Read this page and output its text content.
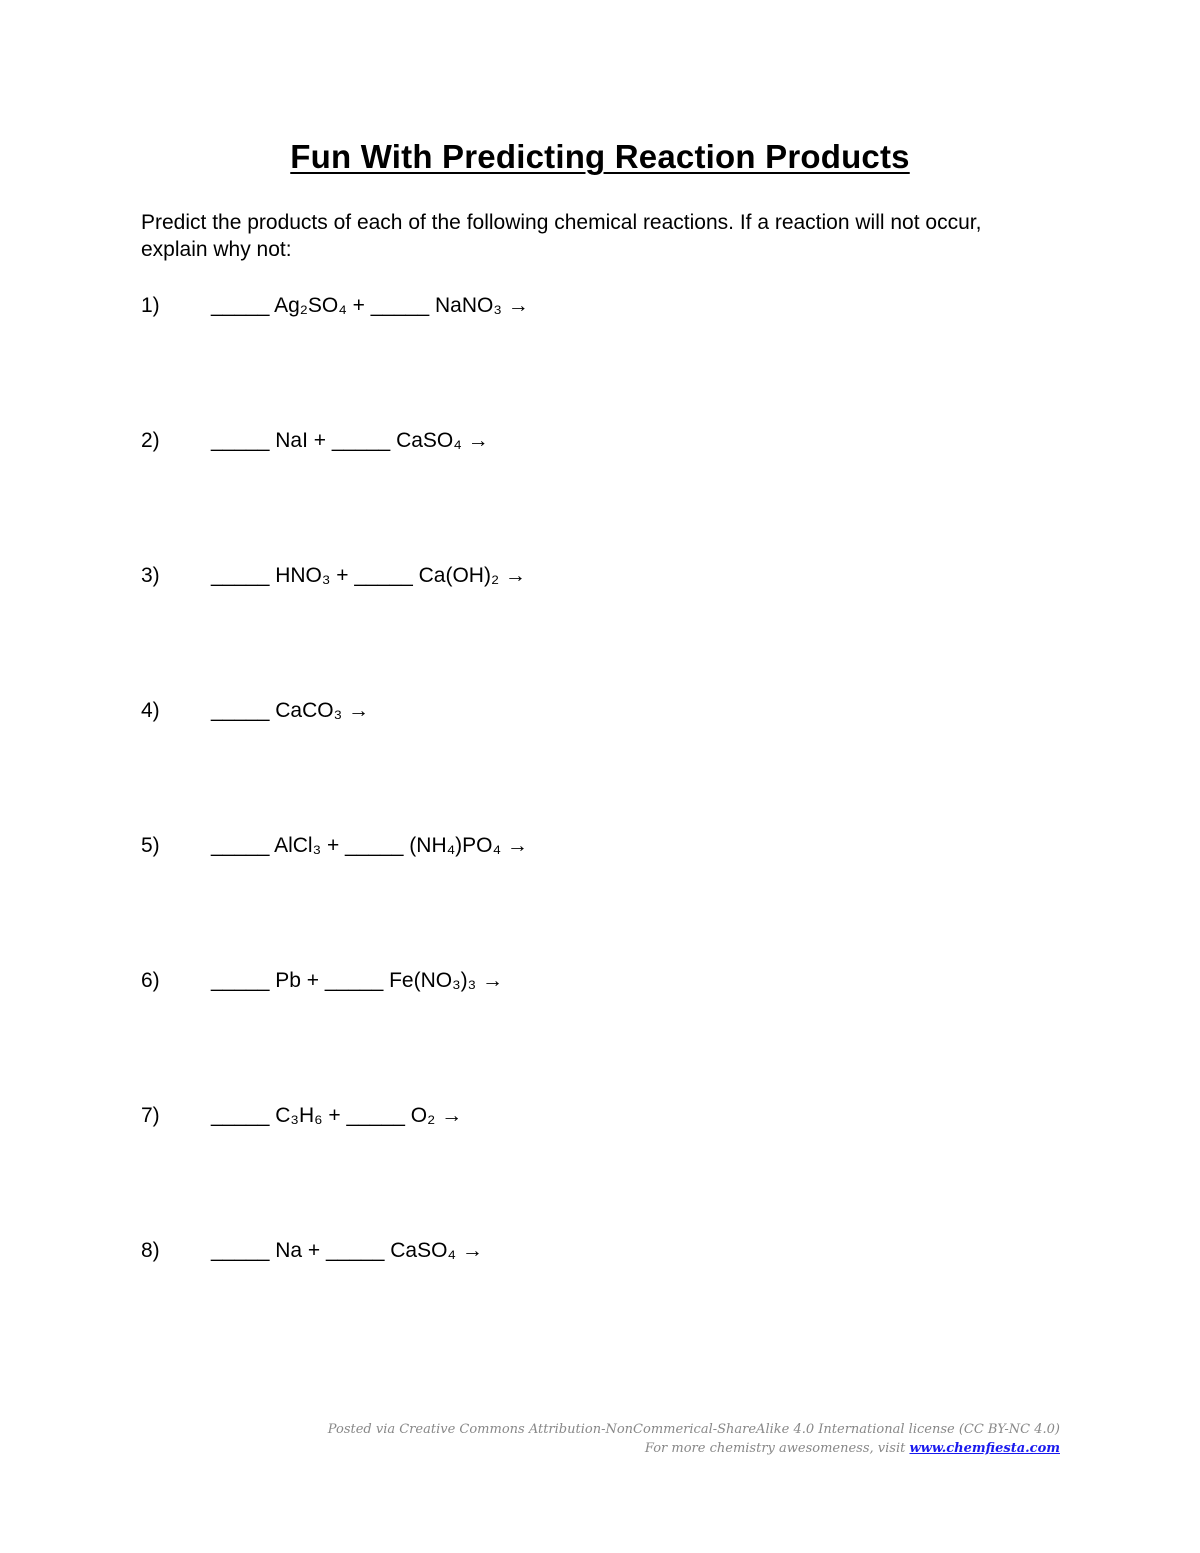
Fun With Predicting Reaction Products

Predict the products of each of the following chemical reactions. If a reaction will not occur, explain why not:

1) _____ Ag₂SO₄ + _____ NaNO₃ →
2) _____ NaI + _____ CaSO₄ →
3) _____ HNO₃ + _____ Ca(OH)₂ →
4) _____ CaCO₃ →
5) _____ AlCl₃ + _____ (NH₄)PO₄ →
6) _____ Pb + _____ Fe(NO₃)₃ →
7) _____ C₃H₆ + _____ O₂ →
8) _____ Na + _____ CaSO₄ →
Posted via Creative Commons Attribution-NonCommerical-ShareAlike 4.0 International license (CC BY-NC 4.0)
For more chemistry awesomeness, visit www.chemfiesta.com
